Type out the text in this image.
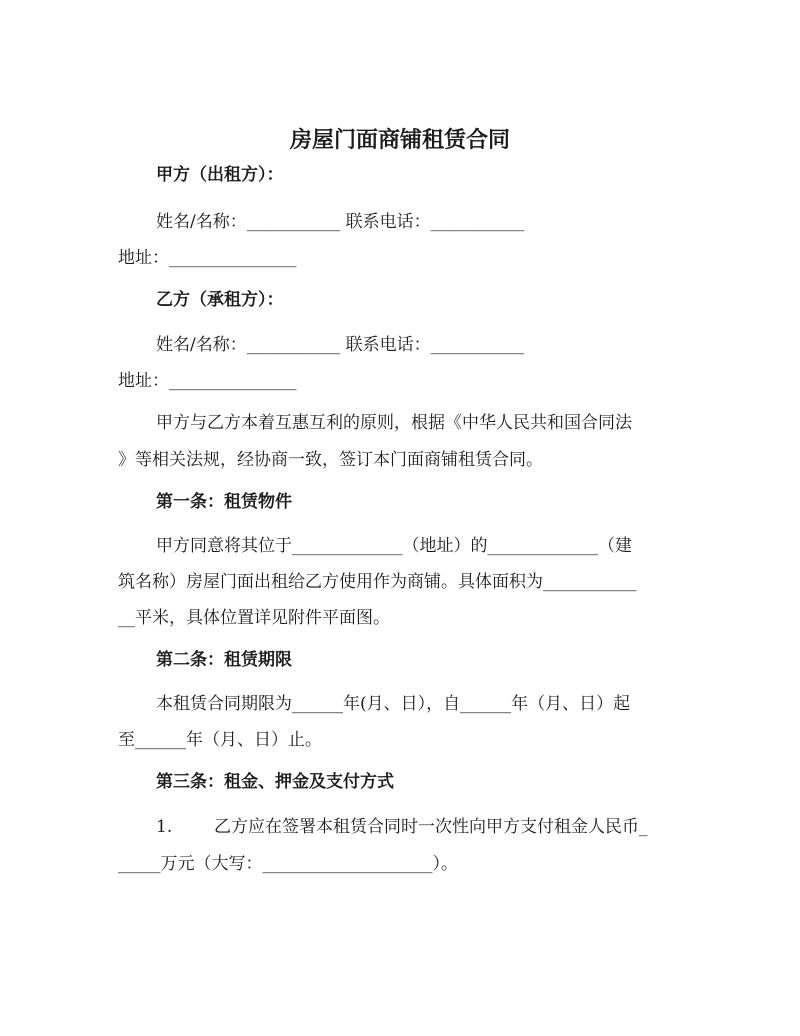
房屋门面商铺租赁合同
甲方（出租方）：
姓名/名称：___________ 联系电话：___________
地址：_______________
乙方（承租方）：
姓名/名称：___________ 联系电话：___________
地址：_______________
甲方与乙方本着互惠互利的原则，根据《中华人民共和国合同法
》等相关法规，经协商一致，签订本门面商铺租赁合同。
第一条：租赁物件
甲方同意将其位于_____________（地址）的_____________（建
筑名称）房屋门面出租给乙方使用作为商铺。具体面积为___________
__平米，具体位置详见附件平面图。
第二条：租赁期限
本租赁合同期限为______年(月、日），自______年（月、日）起
至______年（月、日）止。
第三条：租金、押金及支付方式
1. 乙方应在签署本租赁合同时一次性向甲方支付租金人民币_
_____万元（大写：____________________）。
